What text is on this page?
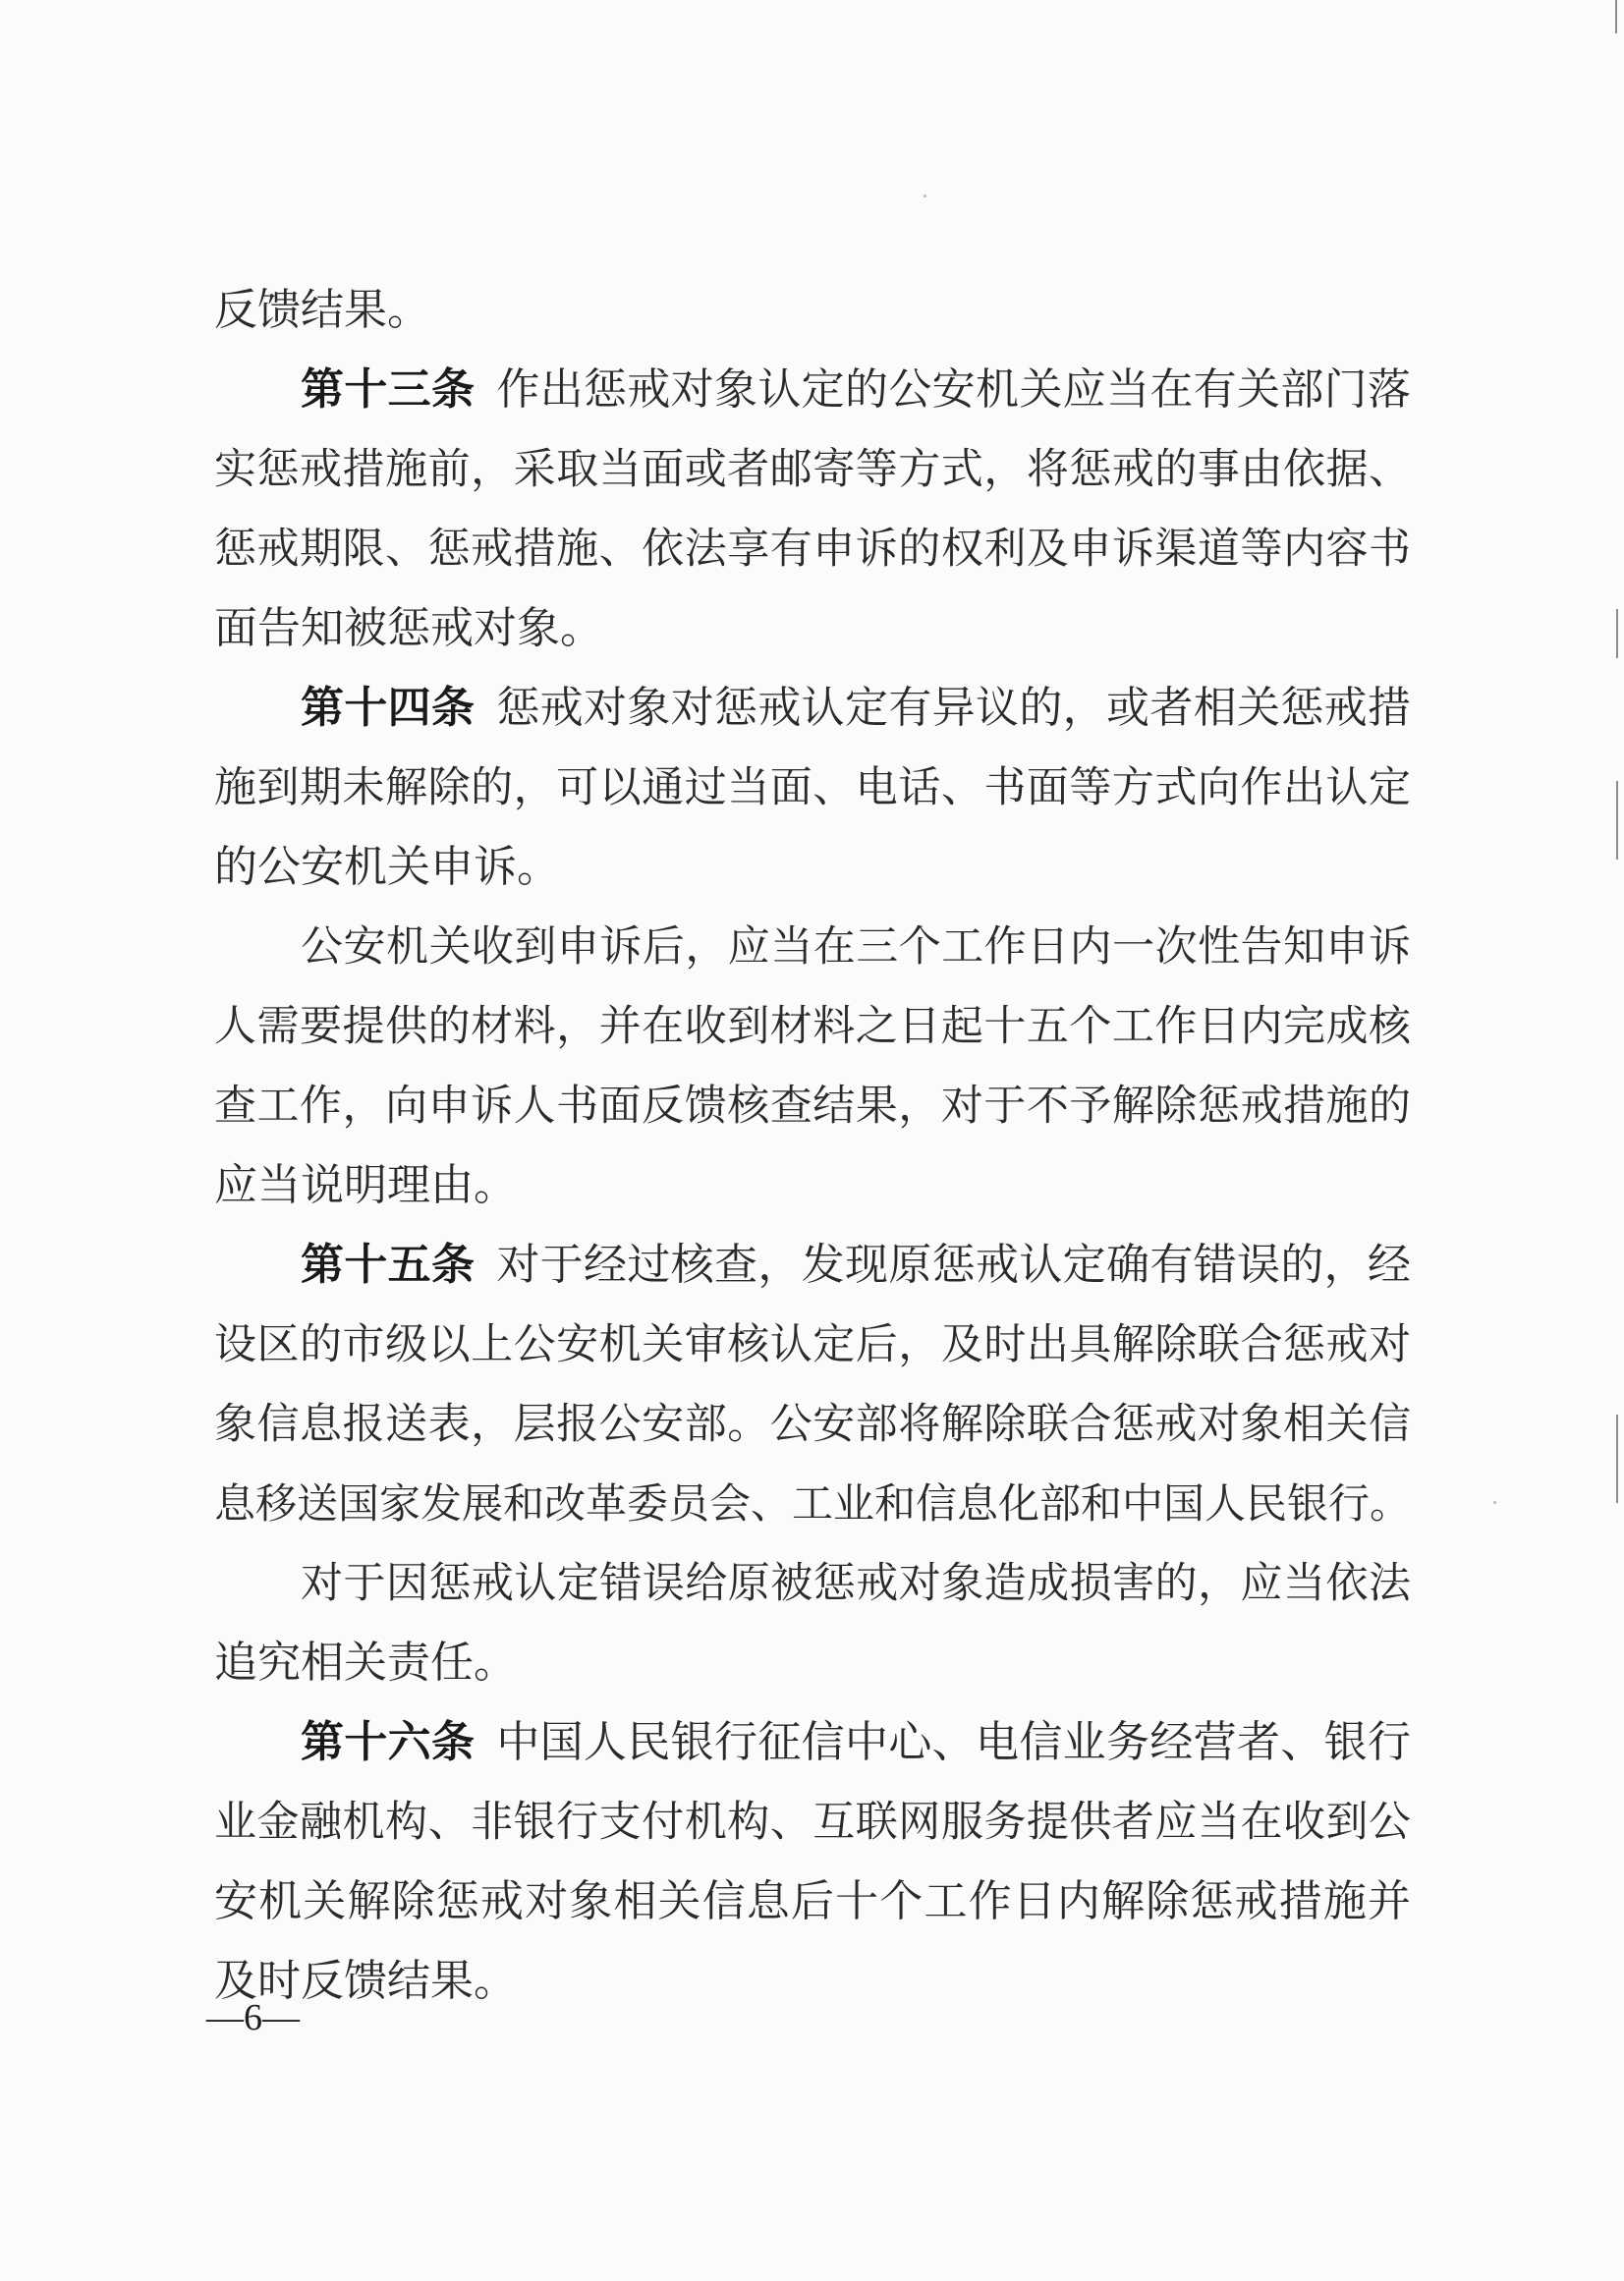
反馈结果。
第十三条 作出惩戒对象认定的公安机关应当在有关部门落
实惩戒措施前，采取当面或者邮寄等方式，将惩戒的事由依据、
惩戒期限、惩戒措施、依法享有申诉的权利及申诉渠道等内容书
面告知被惩戒对象。
第十四条 惩戒对象对惩戒认定有异议的，或者相关惩戒措
施到期未解除的，可以通过当面、电话、书面等方式向作出认定
的公安机关申诉。
公安机关收到申诉后，应当在三个工作日内一次性告知申诉
人需要提供的材料，并在收到材料之日起十五个工作日内完成核
查工作，向申诉人书面反馈核查结果，对于不予解除惩戒措施的
应当说明理由。
第十五条 对于经过核查，发现原惩戒认定确有错误的，经
设区的市级以上公安机关审核认定后，及时出具解除联合惩戒对
象信息报送表，层报公安部。公安部将解除联合惩戒对象相关信
息移送国家发展和改革委员会、工业和信息化部和中国人民银行。
对于因惩戒认定错误给原被惩戒对象造成损害的，应当依法
追究相关责任。
第十六条 中国人民银行征信中心、电信业务经营者、银行
业金融机构、非银行支付机构、互联网服务提供者应当在收到公
安机关解除惩戒对象相关信息后十个工作日内解除惩戒措施并
及时反馈结果。
—6—
